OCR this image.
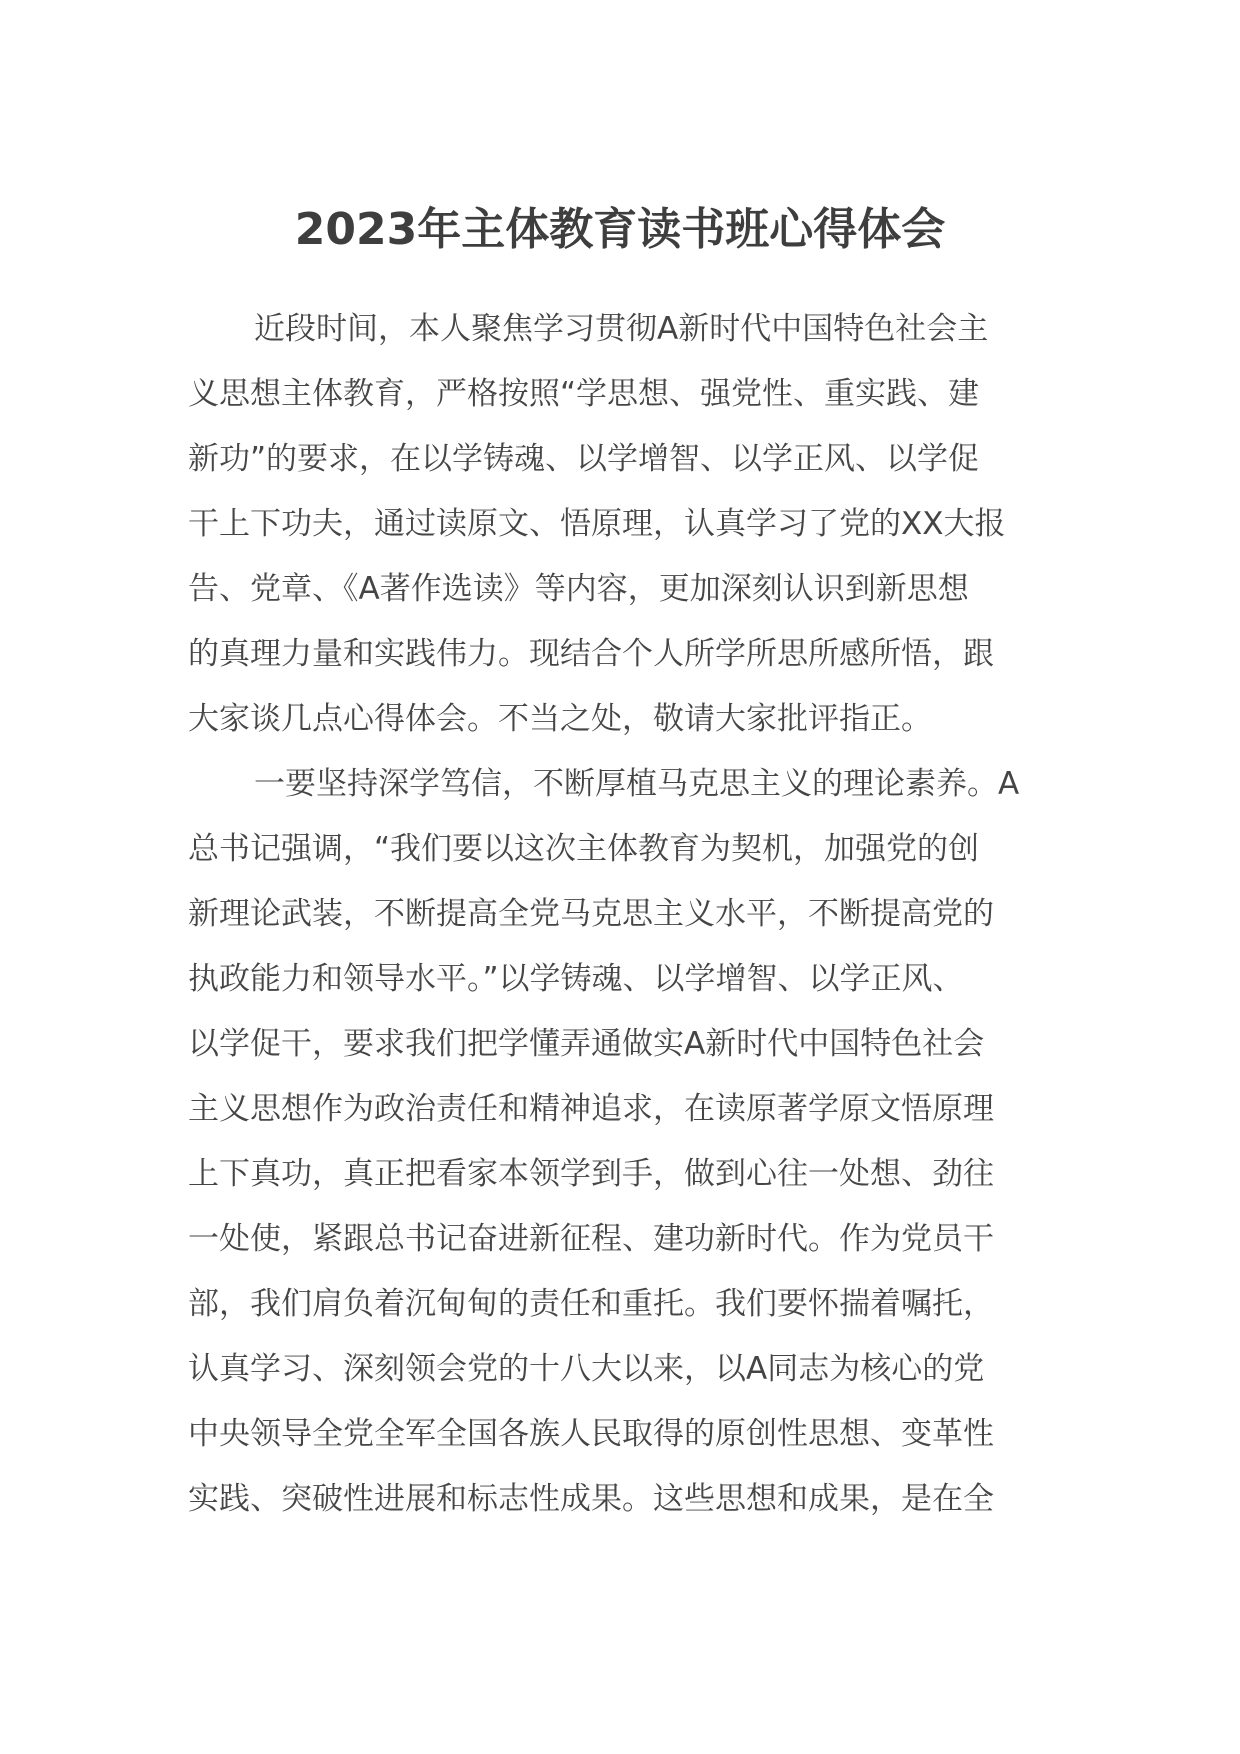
2023年主体教育读书班心得体会
近段时间，本人聚焦学习贯彻A新时代中国特色社会主
义思想主体教育，严格按照“学思想、强党性、重实践、建
新功”的要求，在以学铸魂、以学增智、以学正风、以学促
干上下功夫，通过读原文、悟原理，认真学习了党的XX大报
告、党章、《A著作选读》等内容，更加深刻认识到新思想
的真理力量和实践伟力。现结合个人所学所思所感所悟，跟
大家谈几点心得体会。不当之处，敬请大家批评指正。
一要坚持深学笃信，不断厚植马克思主义的理论素养。A
总书记强调，“我们要以这次主体教育为契机，加强党的创
新理论武装，不断提高全党马克思主义水平，不断提高党的
执政能力和领导水平。”以学铸魂、以学增智、以学正风、
以学促干，要求我们把学懂弄通做实A新时代中国特色社会
主义思想作为政治责任和精神追求，在读原著学原文悟原理
上下真功，真正把看家本领学到手，做到心往一处想、劲往
一处使，紧跟总书记奋进新征程、建功新时代。作为党员干
部，我们肩负着沉甸甸的责任和重托。我们要怀揣着嘱托，
认真学习、深刻领会党的十八大以来，以A同志为核心的党
中央领导全党全军全国各族人民取得的原创性思想、变革性
实践、突破性进展和标志性成果。这些思想和成果，是在全
